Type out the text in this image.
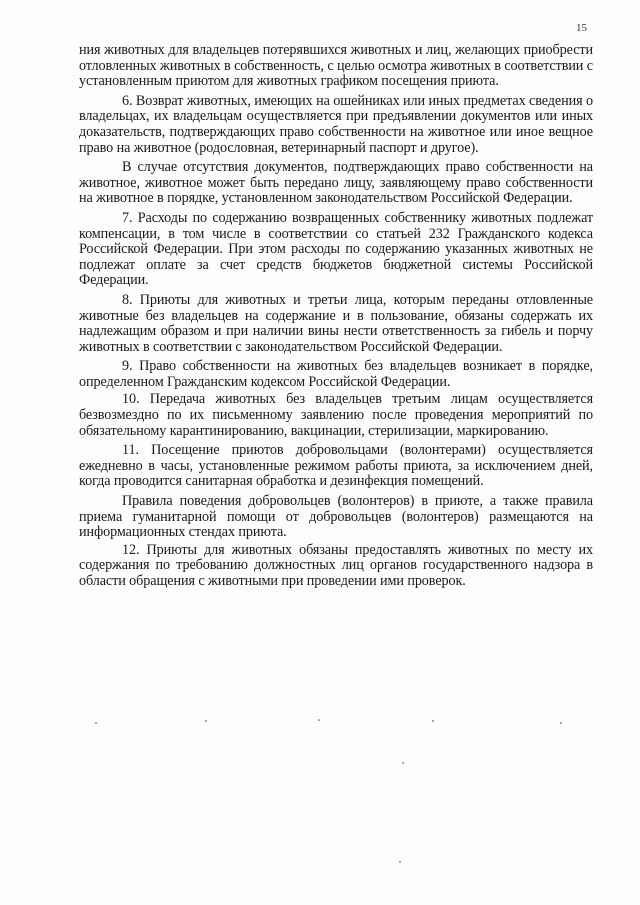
15

ния животных для владельцев потерявшихся животных и лиц, желающих приобрести отловленных животных в собственность, с целью осмотра животных в соответствии с установленным приютом для животных графиком посещения приюта.

6. Возврат животных, имеющих на ошейниках или иных предметах сведения о владельцах, их владельцам осуществляется при предъявлении документов или иных доказательств, подтверждающих право собственности на животное или иное вещное право на животное (родословная, ветеринарный паспорт и другое).

В случае отсутствия документов, подтверждающих право собственности на животное, животное может быть передано лицу, заявляющему право собственности на животное в порядке, установленном законодательством Российской Федерации.

7. Расходы по содержанию возвращенных собственнику животных подлежат компенсации, в том числе в соответствии со статьей 232 Гражданского кодекса Российской Федерации. При этом расходы по содержанию указанных животных не подлежат оплате за счет средств бюджетов бюджетной системы Российской Федерации.

8. Приюты для животных и третьи лица, которым переданы отловленные животные без владельцев на содержание и в пользование, обязаны содержать их надлежащим образом и при наличии вины нести ответственность за гибель и порчу животных в соответствии с законодательством Российской Федерации.

9. Право собственности на животных без владельцев возникает в порядке, определенном Гражданским кодексом Российской Федерации.

10. Передача животных без владельцев третьим лицам осуществляется безвозмездно по их письменному заявлению после проведения мероприятий по обязательному карантинированию, вакцинации, стерилизации, маркированию.

11. Посещение приютов добровольцами (волонтерами) осуществляется ежедневно в часы, установленные режимом работы приюта, за исключением дней, когда проводится санитарная обработка и дезинфекция помещений.

Правила поведения добровольцев (волонтеров) в приюте, а также правила приема гуманитарной помощи от добровольцев (волонтеров) размещаются на информационных стендах приюта.

12. Приюты для животных обязаны предоставлять животных по месту их содержания по требованию должностных лиц органов государственного надзора в области обращения с животными при проведении ими проверок.
